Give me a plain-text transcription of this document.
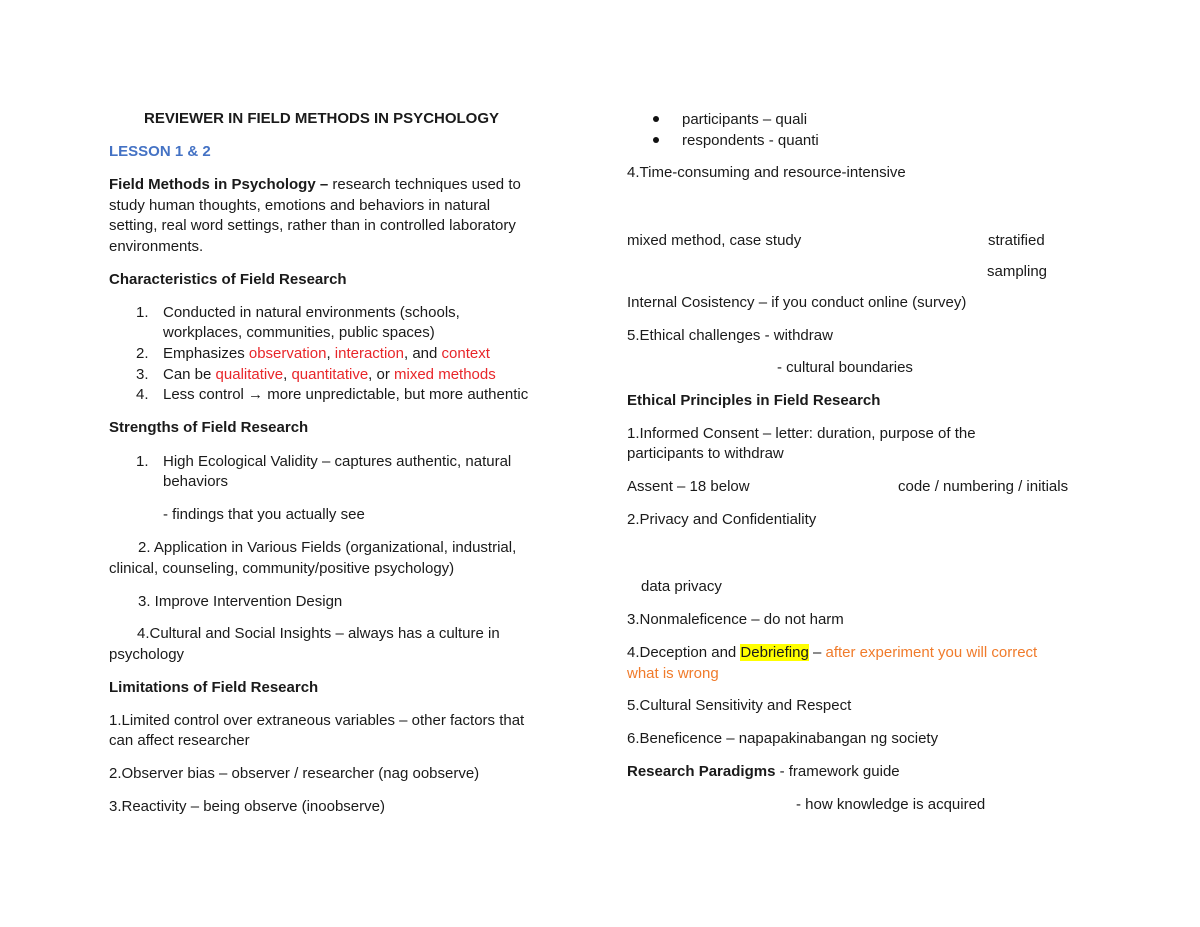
REVIEWER IN FIELD METHODS IN PSYCHOLOGY
LESSON 1 & 2
Field Methods in Psychology – research techniques used to
study human thoughts, emotions and behaviors in natural
setting, real word settings, rather than in controlled laboratory
environments.
Characteristics of Field Research
1. Conducted in natural environments (schools,
workplaces, communities, public spaces)
2. Emphasizes observation, interaction, and context
3. Can be qualitative, quantitative, or mixed methods
4. Less control → more unpredictable, but more authentic
Strengths of Field Research
1. High Ecological Validity – captures authentic, natural
behaviors
- findings that you actually see
2. Application in Various Fields (organizational, industrial,
clinical, counseling, community/positive psychology)
3. Improve Intervention Design
4.Cultural and Social Insights – always has a culture in
psychology
Limitations of Field Research
1.Limited control over extraneous variables – other factors that
can affect researcher
2.Observer bias – observer / researcher (nag oobserve)
3.Reactivity – being observe (inoobserve)
participants – quali
respondents - quanti
4.Time-consuming and resource-intensive
mixed method, case study	stratified
sampling
Internal Cosistency – if you conduct online (survey)
5.Ethical challenges - withdraw
- cultural boundaries
Ethical Principles in Field Research
1.Informed Consent – letter: duration, purpose of the
participants to withdraw
Assent – 18 below	code / numbering / initials
2.Privacy and Confidentiality
data privacy
3.Nonmaleficence – do not harm
4.Deception and Debriefing – after experiment you will correct
what is wrong
5.Cultural Sensitivity and Respect
6.Beneficence – napapakinabangan ng society
Research Paradigms - framework guide
- how knowledge is acquired
